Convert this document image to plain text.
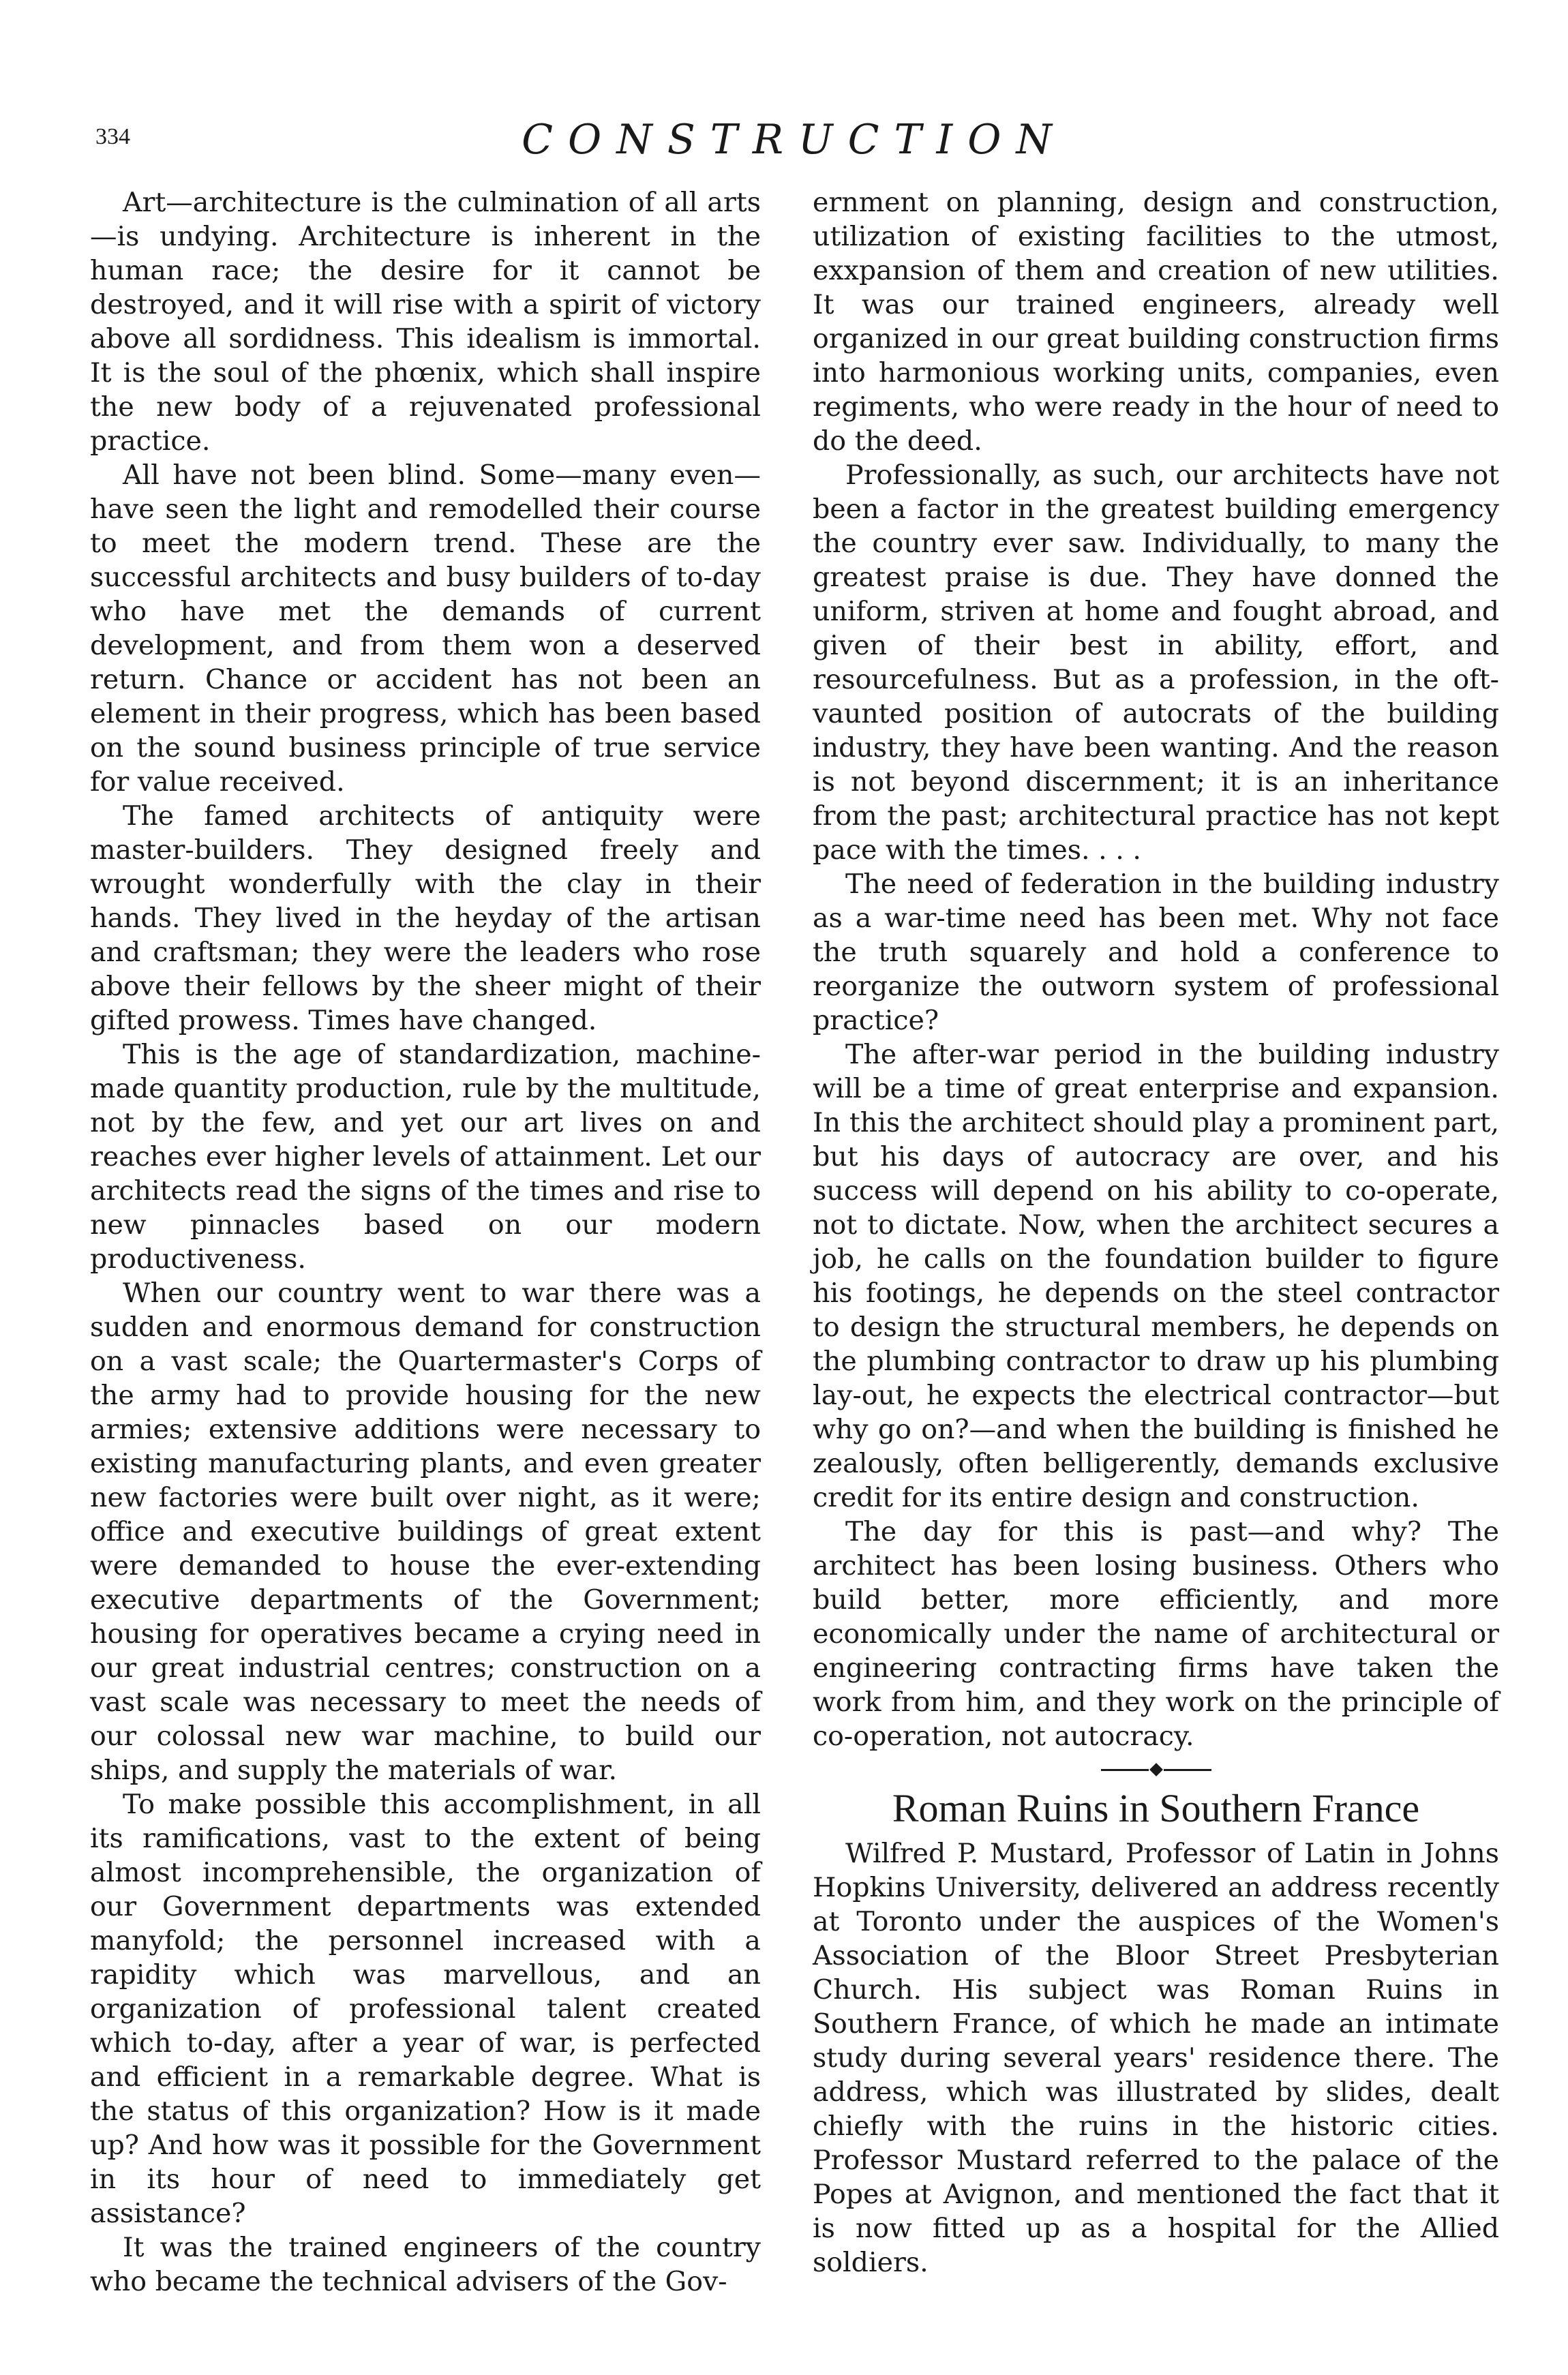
334	CONSTRUCTION

Art—architecture is the culmination of all arts—is undying. Architecture is inherent in the human race; the desire for it cannot be destroyed, and it will rise with a spirit of victory above all sordidness. This idealism is immortal. It is the soul of the phœnix, which shall inspire the new body of a rejuvenated professional practice.

All have not been blind. Some—many even—have seen the light and remodelled their course to meet the modern trend. These are the successful architects and busy builders of to-day who have met the demands of current development, and from them won a deserved return. Chance or accident has not been an element in their progress, which has been based on the sound business principle of true service for value received.

The famed architects of antiquity were master-builders. They designed freely and wrought wonderfully with the clay in their hands. They lived in the heyday of the artisan and craftsman; they were the leaders who rose above their fellows by the sheer might of their gifted prowess. Times have changed.

This is the age of standardization, machine-made quantity production, rule by the multitude, not by the few, and yet our art lives on and reaches ever higher levels of attainment. Let our architects read the signs of the times and rise to new pinnacles based on our modern productiveness.

When our country went to war there was a sudden and enormous demand for construction on a vast scale; the Quartermaster's Corps of the army had to provide housing for the new armies; extensive additions were necessary to existing manufacturing plants, and even greater new factories were built over night, as it were; office and executive buildings of great extent were demanded to house the ever-extending executive departments of the Government; housing for operatives became a crying need in our great industrial centres; construction on a vast scale was necessary to meet the needs of our colossal new war machine, to build our ships, and supply the materials of war.

To make possible this accomplishment, in all its ramifications, vast to the extent of being almost incomprehensible, the organization of our Government departments was extended manyfold; the personnel increased with a rapidity which was marvellous, and an organization of professional talent created which to-day, after a year of war, is perfected and efficient in a remarkable degree. What is the status of this organization? How is it made up? And how was it possible for the Government in its hour of need to immediately get assistance?

It was the trained engineers of the country who became the technical advisers of the Gov-

ernment on planning, design and construction, utilization of existing facilities to the utmost, exxpansion of them and creation of new utilities. It was our trained engineers, already well organized in our great building construction firms into harmonious working units, companies, even regiments, who were ready in the hour of need to do the deed.

Professionally, as such, our architects have not been a factor in the greatest building emergency the country ever saw. Individually, to many the greatest praise is due. They have donned the uniform, striven at home and fought abroad, and given of their best in ability, effort, and resourcefulness. But as a profession, in the oft-vaunted position of autocrats of the building industry, they have been wanting. And the reason is not beyond discernment; it is an inheritance from the past; architectural practice has not kept pace with the times. . . .

The need of federation in the building industry as a war-time need has been met. Why not face the truth squarely and hold a conference to reorganize the outworn system of professional practice?

The after-war period in the building industry will be a time of great enterprise and expansion. In this the architect should play a prominent part, but his days of autocracy are over, and his success will depend on his ability to co-operate, not to dictate. Now, when the architect secures a job, he calls on the foundation builder to figure his footings, he depends on the steel contractor to design the structural members, he depends on the plumbing contractor to draw up his plumbing lay-out, he expects the electrical contractor—but why go on?—and when the building is finished he zealously, often belligerently, demands exclusive credit for its entire design and construction.

The day for this is past—and why? The architect has been losing business. Others who build better, more efficiently, and more economically under the name of architectural or engineering contracting firms have taken the work from him, and they work on the principle of co-operation, not autocracy.

Roman Ruins in Southern France

Wilfred P. Mustard, Professor of Latin in Johns Hopkins University, delivered an address recently at Toronto under the auspices of the Women's Association of the Bloor Street Presbyterian Church. His subject was Roman Ruins in Southern France, of which he made an intimate study during several years' residence there. The address, which was illustrated by slides, dealt chiefly with the ruins in the historic cities. Professor Mustard referred to the palace of the Popes at Avignon, and mentioned the fact that it is now fitted up as a hospital for the Allied soldiers.
